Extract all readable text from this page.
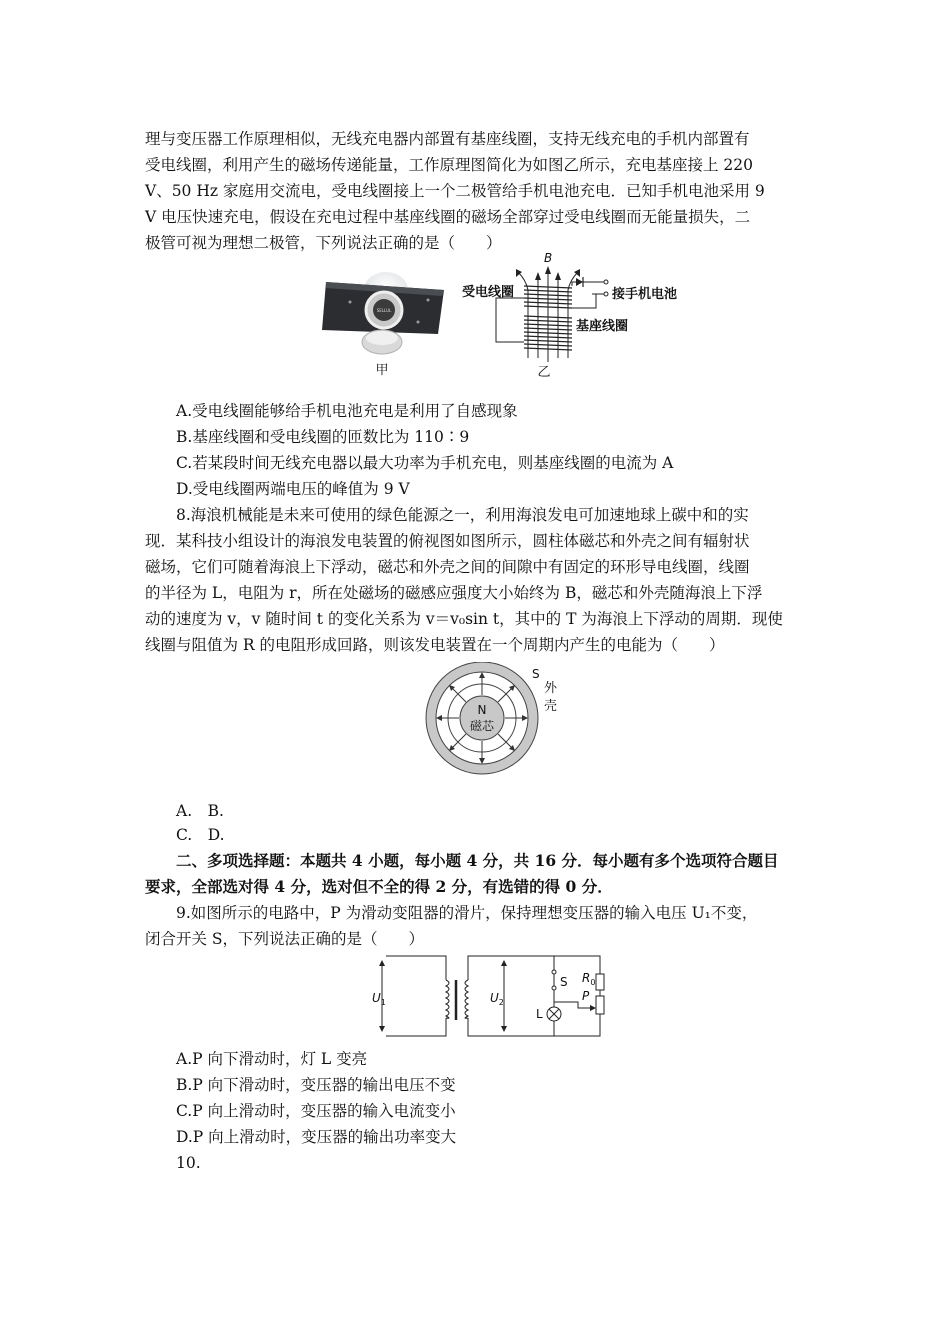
理与变压器工作原理相似，无线充电器内部置有基座线圈，支持无线充电的手机内部置有
受电线圈，利用产生的磁场传递能量，工作原理图简化为如图乙所示，充电基座接上 220
V、50 Hz 家庭用交流电，受电线圈接上一个二极管给手机电池充电．已知手机电池采用 9
V 电压快速充电，假设在充电过程中基座线圈的磁场全部穿过受电线圈而无能量损失，二
极管可视为理想二极管，下列说法正确的是（　　）
SELLUL
甲
B
受电线圈	接手机电池
基座线圈
乙
A.受电线圈能够给手机电池充电是利用了自感现象
B.基座线圈和受电线圈的匝数比为 110∶9
C.若某段时间无线充电器以最大功率为手机充电，则基座线圈的电流为 A
D.受电线圈两端电压的峰值为 9 V
8.海浪机械能是未来可使用的绿色能源之一，利用海浪发电可加速地球上碳中和的实
现．某科技小组设计的海浪发电装置的俯视图如图所示，圆柱体磁芯和外壳之间有辐射状
磁场，它们可随着海浪上下浮动，磁芯和外壳之间的间隙中有固定的环形导电线圈，线圈
的半径为 L，电阻为 r，所在处磁场的磁感应强度大小始终为 B，磁芯和外壳随海浪上下浮
动的速度为 v，v 随时间 t 的变化关系为 v＝v₀sin t，其中的 T 为海浪上下浮动的周期．现使
线圈与阻值为 R 的电阻形成回路，则该发电装置在一个周期内产生的电能为（　　）
N
磁芯
S
外
壳
A.　B.
C.　D.
二、多项选择题：本题共 4 小题，每小题 4 分，共 16 分．每小题有多个选项符合题目
要求，全部选对得 4 分，选对但不全的得 2 分，有选错的得 0 分．
9.如图所示的电路中，P 为滑动变阻器的滑片，保持理想变压器的输入电压 U₁不变，
闭合开关 S，下列说法正确的是（　　）
$U_1$	$U_2$
S
L
$R_0$
P
A.P 向下滑动时，灯 L 变亮
B.P 向下滑动时，变压器的输出电压不变
C.P 向上滑动时，变压器的输入电流变小
D.P 向上滑动时，变压器的输出功率变大
10.
